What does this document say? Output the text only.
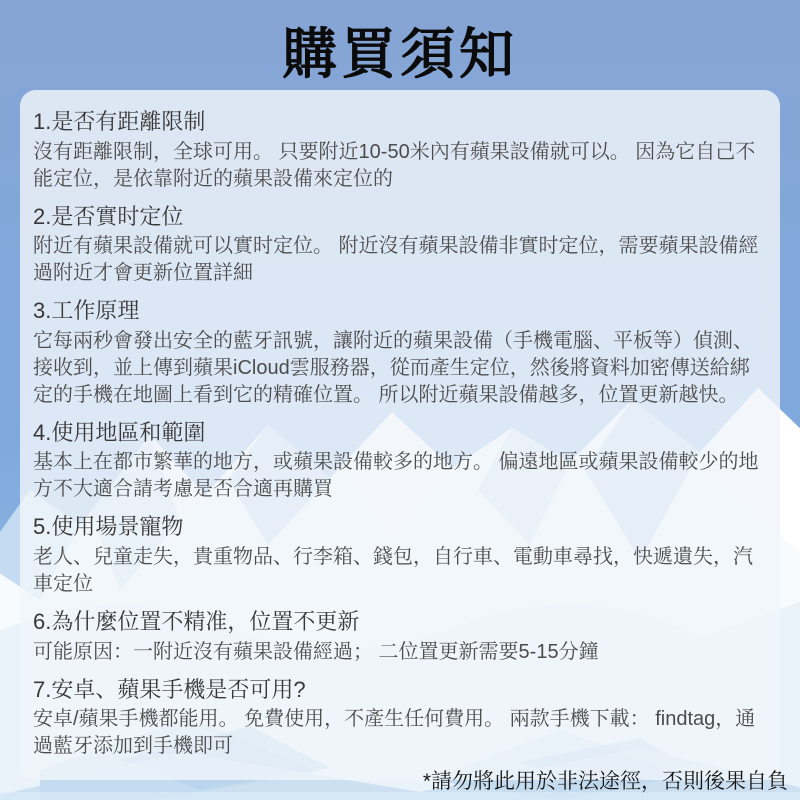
購買須知
1.是否有距離限制

沒有距離限制，全球可用。 只要附近10-50米內有蘋果設備就可以。 因為它自己不能定位，是依靠附近的蘋果設備來定位的

2.是否實时定位

附近有蘋果設備就可以實时定位。 附近沒有蘋果設備非實时定位，需要蘋果設備經過附近才會更新位置詳細

3.工作原理

它每兩秒會發出安全的藍牙訊號，讓附近的蘋果設備（手機電腦、平板等）偵測、接收到，並上傳到蘋果iCloud雲服務器，從而產生定位，然後將資料加密傳送給綁定的手機在地圖上看到它的精確位置。 所以附近蘋果設備越多，位置更新越快。

4.使用地區和範圍

基本上在都市繁華的地方，或蘋果設備較多的地方。 偏遠地區或蘋果設備較少的地方不大適合請考慮是否合適再購買

5.使用場景寵物

老人、兒童走失，貴重物品、行李箱、錢包，自行車、電動車尋找，快遞遺失，汽車定位

6.為什麼位置不精准，位置不更新

可能原因：一附近沒有蘋果設備經過； 二位置更新需要5-15分鐘

7.安卓、蘋果手機是否可用?

安卓/蘋果手機都能用。 免費使用，不產生任何費用。 兩款手機下載： findtag，通過藍牙添加到手機即可

*請勿將此用於非法途徑，否則後果自負
